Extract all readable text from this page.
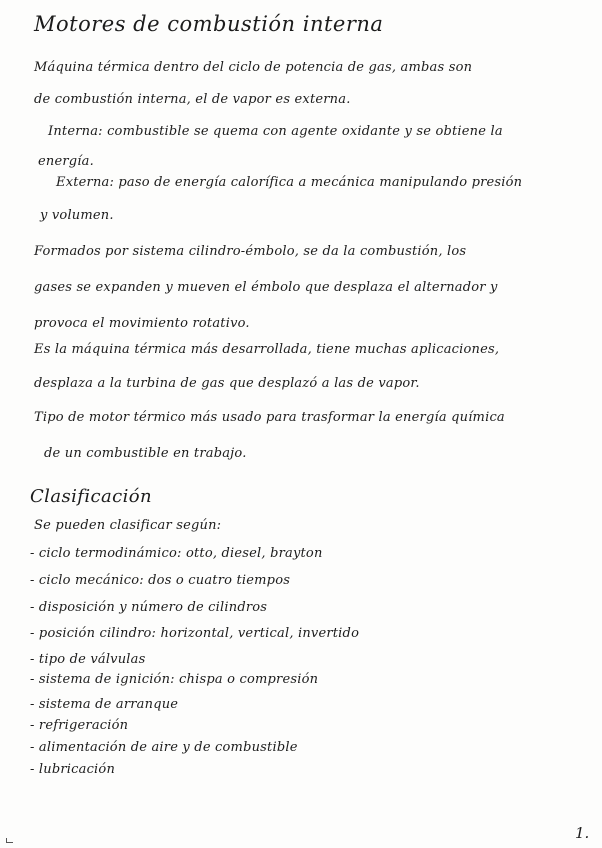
Motores de combustión interna
Máquina térmica dentro del ciclo de potencia de gas, ambas son
de combustión interna, el de vapor es externa.
Interna: combustible se quema con agente oxidante y se obtiene la
energía.
Externa: paso de energía calorífica a mecánica manipulando presión
y volumen.
Formados por sistema cilindro-émbolo, se da la combustión, los
gases se expanden y mueven el émbolo que desplaza el alternador y
provoca el movimiento rotativo.
Es la máquina térmica más desarrollada, tiene muchas aplicaciones,
desplaza a la turbina de gas que desplazó a las de vapor.
Tipo de motor térmico más usado para trasformar la energía química
de un combustible en trabajo.
Clasificación
Se pueden clasificar según:
- ciclo termodinámico: otto, diesel, brayton
- ciclo mecánico: dos o cuatro tiempos
- disposición y número de cilindros
- posición cilindro: horizontal, vertical, invertido
- tipo de válvulas
- sistema de ignición: chispa o compresión
- sistema de arranque
- refrigeración
- alimentación de aire y de combustible
- lubricación
1.
